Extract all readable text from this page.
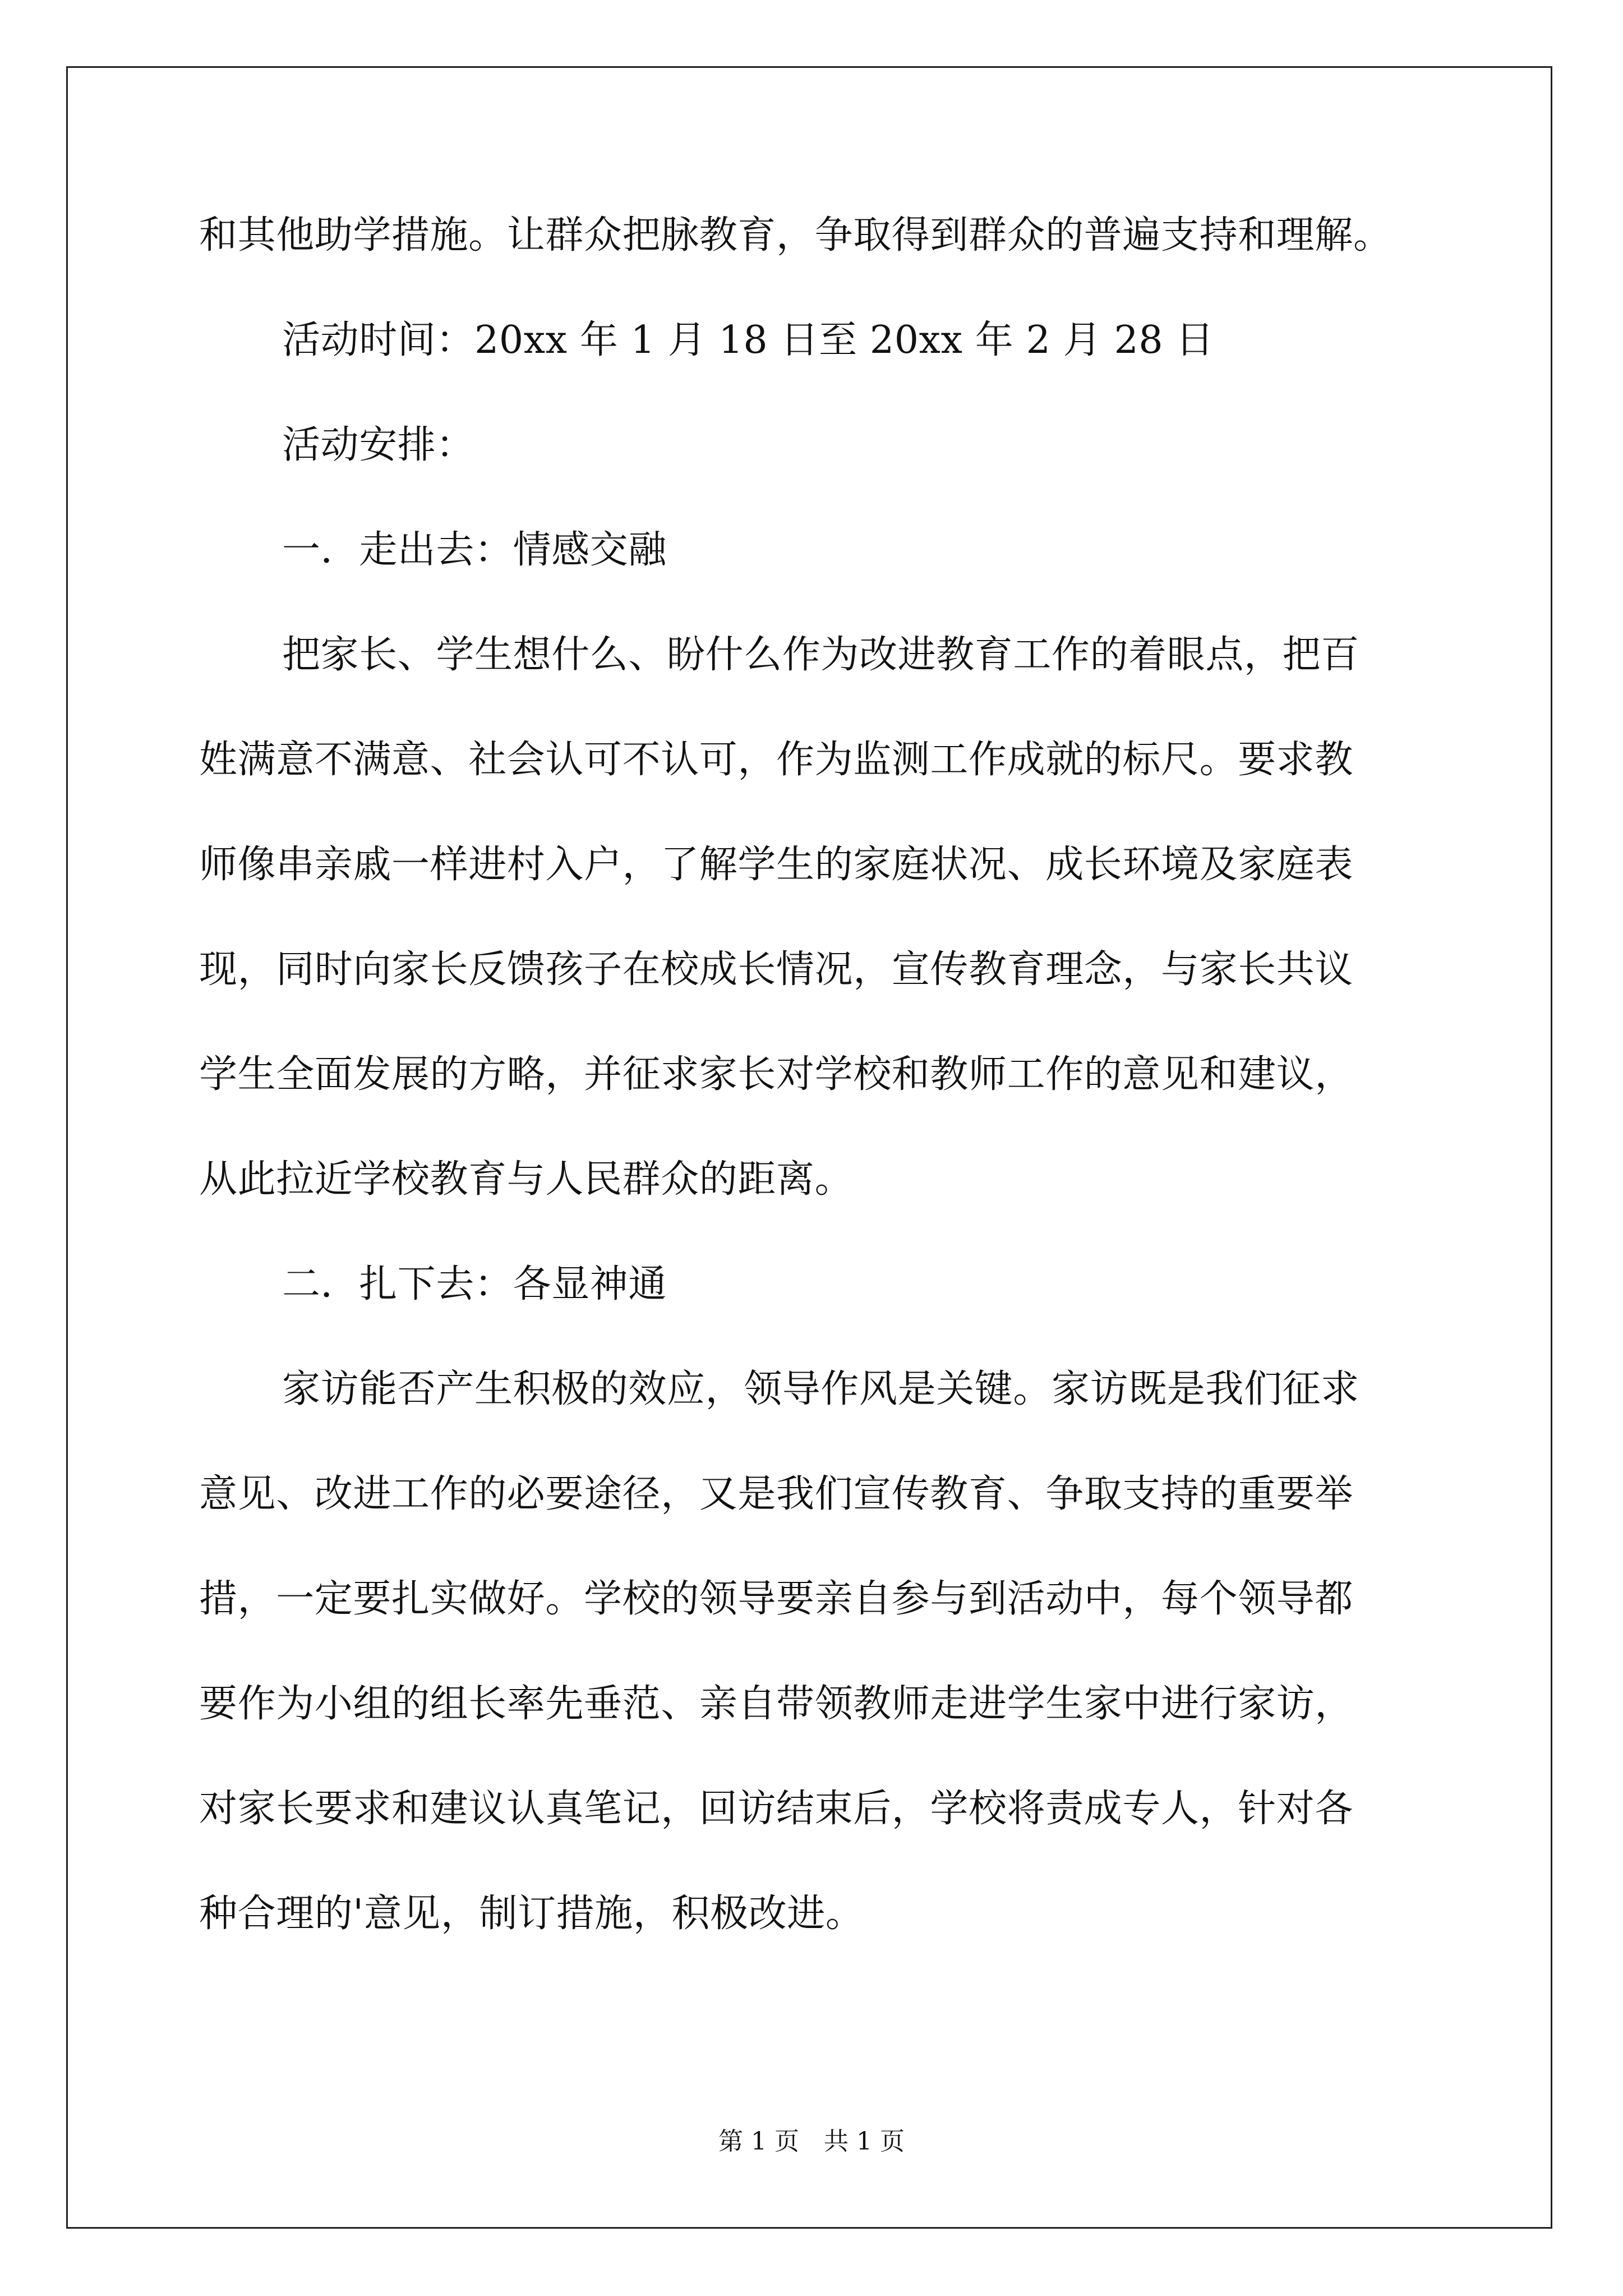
和其他助学措施。让群众把脉教育，争取得到群众的普遍支持和理解。
活动时间：20xx 年 1 月 18 日至 20xx 年 2 月 28 日
活动安排：
一．走出去：情感交融
把家长、学生想什么、盼什么作为改进教育工作的着眼点，把百
姓满意不满意、社会认可不认可，作为监测工作成就的标尺。要求教
师像串亲戚一样进村入户，了解学生的家庭状况、成长环境及家庭表
现，同时向家长反馈孩子在校成长情况，宣传教育理念，与家长共议
学生全面发展的方略，并征求家长对学校和教师工作的意见和建议，
从此拉近学校教育与人民群众的距离。
二．扎下去：各显神通
家访能否产生积极的效应，领导作风是关键。家访既是我们征求
意见、改进工作的必要途径，又是我们宣传教育、争取支持的重要举
措，一定要扎实做好。学校的领导要亲自参与到活动中，每个领导都
要作为小组的组长率先垂范、亲自带领教师走进学生家中进行家访，
对家长要求和建议认真笔记，回访结束后，学校将责成专人，针对各
种合理的'意见，制订措施，积极改进。
第 1 页　共 1 页
